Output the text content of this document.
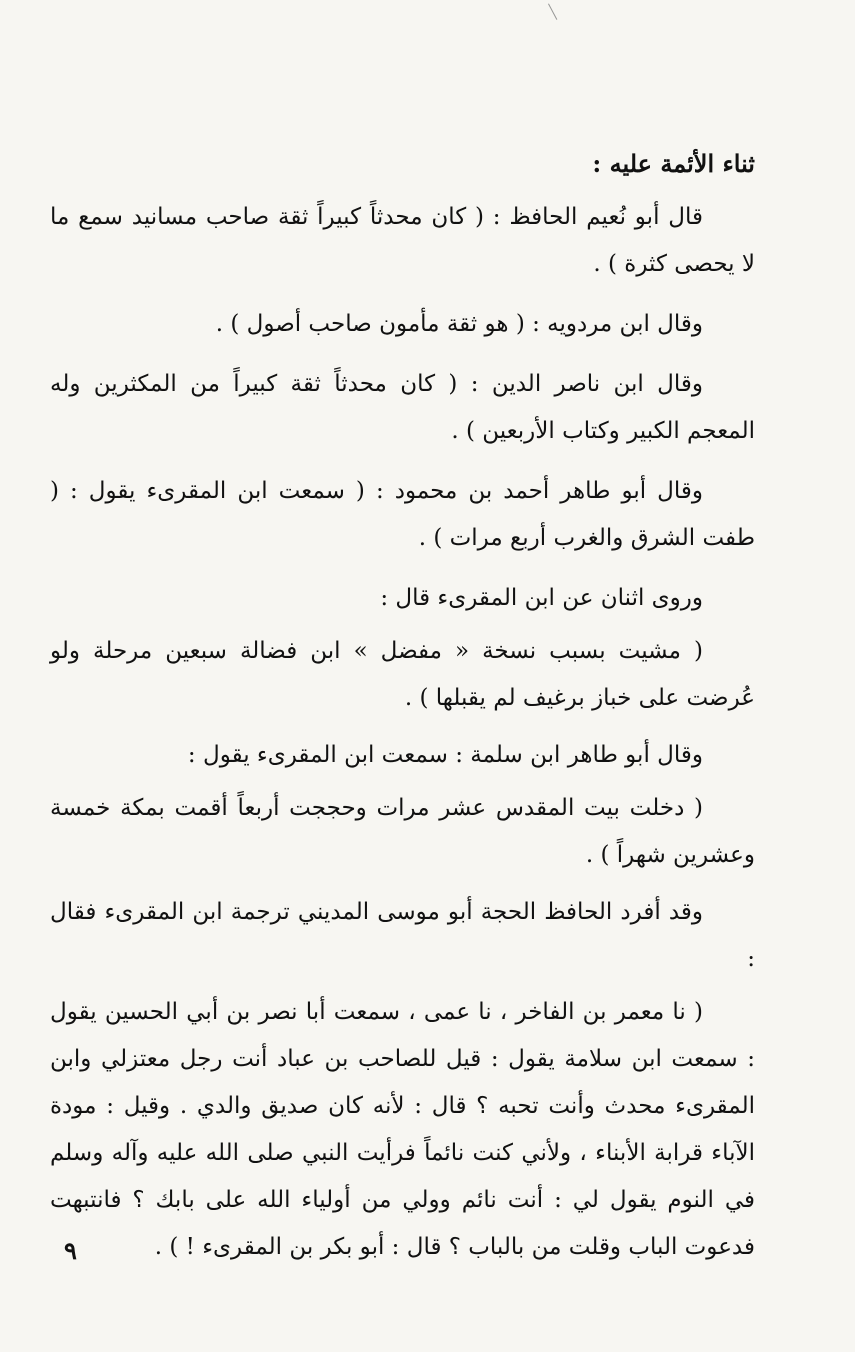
ثناء الأئمة عليه :

قال أبو نُعيم الحافظ : ( كان محدثاً كبيراً ثقة صاحب مسانيد سمع ما لا يحصى كثرة ) .

وقال ابن مردويه : ( هو ثقة مأمون صاحب أصول ) .

وقال ابن ناصر الدين : ( كان محدثاً ثقة كبيراً من المكثرين وله المعجم الكبير وكتاب الأربعين ) .

وقال أبو طاهر أحمد بن محمود : ( سمعت ابن المقرىء يقول : ( طفت الشرق والغرب أربع مرات ) .

وروى اثنان عن ابن المقرىء قال :

( مشيت بسبب نسخة « مفضل » ابن فضالة سبعين مرحلة ولو عُرضت على خباز برغيف لم يقبلها ) .

وقال أبو طاهر ابن سلمة : سمعت ابن المقرىء يقول :

( دخلت بيت المقدس عشر مرات وحججت أربعاً أقمت بمكة خمسة وعشرين شهراً ) .

وقد أفرد الحافظ الحجة أبو موسى المديني ترجمة ابن المقرىء فقال :

( نا معمر بن الفاخر ، نا عمى ، سمعت أبا نصر بن أبي الحسين يقول : سمعت ابن سلامة يقول : قيل للصاحب بن عباد أنت رجل معتزلي وابن المقرىء محدث وأنت تحبه ؟ قال : لأنه كان صديق والدي . وقيل : مودة الآباء قرابة الأبناء ، ولأني كنت نائماً فرأيت النبي صلى الله عليه وآله وسلم في النوم يقول لي : أنت نائم وولي من أولياء الله على بابك ؟ فانتبهت فدعوت الباب وقلت من بالباب ؟ قال : أبو بكر بن المقرىء ! ) .

٩
